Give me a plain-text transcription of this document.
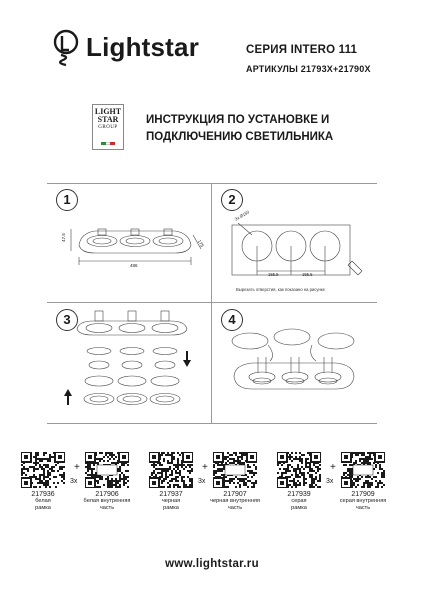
Lightstar	СЕРИЯ INTERO 111
АРТИКУЛЫ 21793X+21790X
LIGHT
STAR
GROUP
ИНСТРУКЦИЯ ПО УСТАНОВКЕ И
ПОДКЛЮЧЕНИЮ СВЕТИЛЬНИКА
1
47.5
486
175
2
3x Ø150
155.5	155.5
Вырезать отверстия, как показано на рисунке
3	4
217936
белая
рамка
+
3x
217906
белая внутренняя
часть
217937
черная
рамка
+
3x
217907
черная внутренняя
часть
217939
серая
рамка
+
3x
217909
серая внутренняя
часть
www.lightstar.ru
